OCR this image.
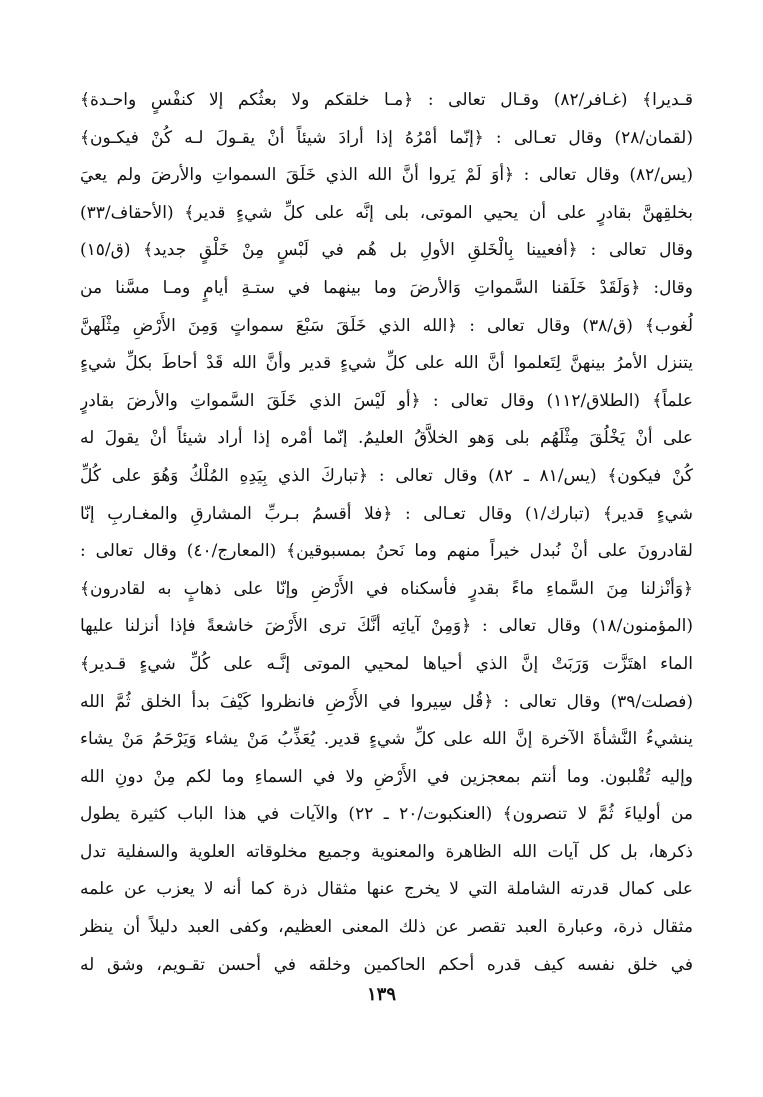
قـديرا﴾ (غـافر/٨٢) وقـال تعالى : ﴿مـا خلقكم ولا بعثُكم إلا كنفْسٍ واحـدة﴾
(لقمان/٢٨) وقال تعـالى : ﴿إنّما أمْرُهُ إذا أرادَ شيئاً أنْ يقـولَ لـه كُنْ فيكـون﴾
(يس/٨٢) وقال تعالى : ﴿أوَ لَمْ يَروا أنَّ الله الذي خَلَقَ السمواتِ والأرضَ ولم يعيَ
بخلقِهنَّ بقادرٍ على أن يحيي الموتى، بلى إنَّه على كلِّ شيءٍ قدير﴾ (الأحقاف/٣٣)
وقال تعالى : ﴿أفعيينا بِالْخَلقِ الأولِ بل هُم في لَبْسٍ مِنْ خَلْقٍ جديد﴾ (ق/١٥)
وقال: ﴿وَلَقَدْ خَلَقنا السَّمواتِ وَالأرضَ وما بينهما في ستـةِ أيامٍ ومـا مسَّنا من
لُغوب﴾ (ق/٣٨) وقال تعالى : ﴿الله الذي خَلَقَ سَبْعَ سمواتٍ وَمِنَ الأَرْضِ مِثْلَهنَّ
يتنزل الأمرُ بينهنَّ لِتَعلموا أنَّ الله على كلِّ شيءٍ قدير وأنَّ الله قَدْ أحاطَ بكلِّ شيءٍ
علماً﴾ (الطلاق/١١٢) وقال تعالى : ﴿أو لَيْسَ الذي خَلَقَ السَّمواتِ والأرضَ بقادرٍ
على أنْ يَخْلُقَ مِثْلَهُم بلى وَهو الخلاَّقُ العليمُ. إنّما أمْره إذا أراد شيئاً أنْ يقولَ له
كُنْ فيكون﴾ (يس/٨١ ـ ٨٢) وقال تعالى : ﴿تباركَ الذي بِيَدِهِ المُلْكُ وَهُوَ على كُلِّ
شيءٍ قدير﴾ (تبارك/١) وقال تعـالى : ﴿فلا أقسمُ بـربِّ المشارقِ والمغـاربِ إنّا
لقادرونَ على أنْ نُبدل خيراً منهم وما نَحنُ بمسبوقين﴾ (المعارج/٤٠) وقال تعالى :
﴿وَأنْزلنا مِنَ السَّماءِ ماءً بقدرٍ فأسكناه في الأَرْضِ وإنّا على ذهابٍ به لقادرون﴾
(المؤمنون/١٨) وقال تعالى : ﴿وَمِنْ آياتِه أنَّكَ ترى الأَرْضَ خاشعةً فإذا أنزلنا عليها
الماء اهتَزَّت وَرَبَتْ إنَّ الذي أحياها لمحيي الموتى إنَّـه على كُلِّ شيءٍ قـدير﴾
(فصلت/٣٩) وقال تعالى : ﴿قُل سِيروا في الأَرْضِ فانظروا كَيْفَ بدأ الخلق ثُمَّ الله
ينشيءُ النَّشأةَ الآخرة إنَّ الله على كلِّ شيءٍ قدير. يُعَذِّبُ مَنْ يشاء وَيَرْحَمُ مَنْ يشاء
وإليه تُقْلبون. وما أنتم بمعجزين في الأَرْضِ ولا في السماءِ وما لكم مِنْ دونِ الله
من أولياءَ ثُمَّ لا تنصرون﴾ (العنكبوت/٢٠ ـ ٢٢) والآيات في هذا الباب كثيرة يطول
ذكرها، بل كل آيات الله الظاهرة والمعنوية وجميع مخلوقاته العلوية والسفلية تدل
على كمال قدرته الشاملة التي لا يخرج عنها مثقال ذرة كما أنه لا يعزب عن علمه
مثقال ذرة، وعبارة العبد تقصر عن ذلك المعنى العظيم، وكفى العبد دليلاً أن ينظر
في خلق نفسه كيف قدره أحكم الحاكمين وخلقه في أحسن تقـويم، وشق له
١٣٩
